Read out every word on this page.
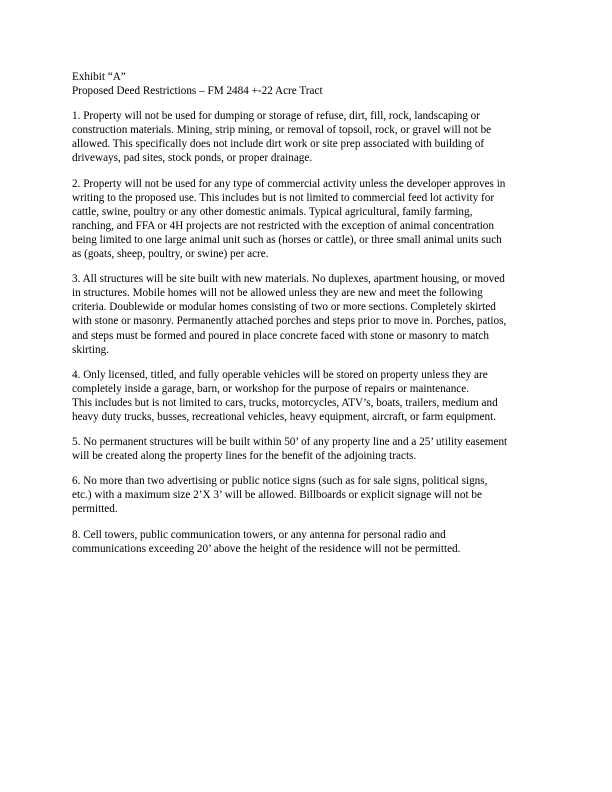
Exhibit “A”
Proposed Deed Restrictions – FM 2484 +-22 Acre Tract
1. Property will not be used for dumping or storage of refuse, dirt, fill, rock, landscaping or
construction materials. Mining, strip mining, or removal of topsoil, rock, or gravel will not be
allowed. This specifically does not include dirt work or site prep associated with building of
driveways, pad sites, stock ponds, or proper drainage.
2. Property will not be used for any type of commercial activity unless the developer approves in
writing to the proposed use. This includes but is not limited to commercial feed lot activity for
cattle, swine, poultry or any other domestic animals. Typical agricultural, family farming,
ranching, and FFA or 4H projects are not restricted with the exception of animal concentration
being limited to one large animal unit such as (horses or cattle), or three small animal units such
as (goats, sheep, poultry, or swine) per acre.
3. All structures will be site built with new materials. No duplexes, apartment housing, or moved
in structures. Mobile homes will not be allowed unless they are new and meet the following
criteria. Doublewide or modular homes consisting of two or more sections. Completely skirted
with stone or masonry. Permanently attached porches and steps prior to move in. Porches, patios,
and steps must be formed and poured in place concrete faced with stone or masonry to match
skirting.
4. Only licensed, titled, and fully operable vehicles will be stored on property unless they are
completely inside a garage, barn, or workshop for the purpose of repairs or maintenance.
This includes but is not limited to cars, trucks, motorcycles, ATV’s, boats, trailers, medium and
heavy duty trucks, busses, recreational vehicles, heavy equipment, aircraft, or farm equipment.
5. No permanent structures will be built within 50’ of any property line and a 25’ utility easement
will be created along the property lines for the benefit of the adjoining tracts.
6. No more than two advertising or public notice signs (such as for sale signs, political signs,
etc.) with a maximum size 2’X 3’ will be allowed. Billboards or explicit signage will not be
permitted.
8. Cell towers, public communication towers, or any antenna for personal radio and
communications exceeding 20’ above the height of the residence will not be permitted.
